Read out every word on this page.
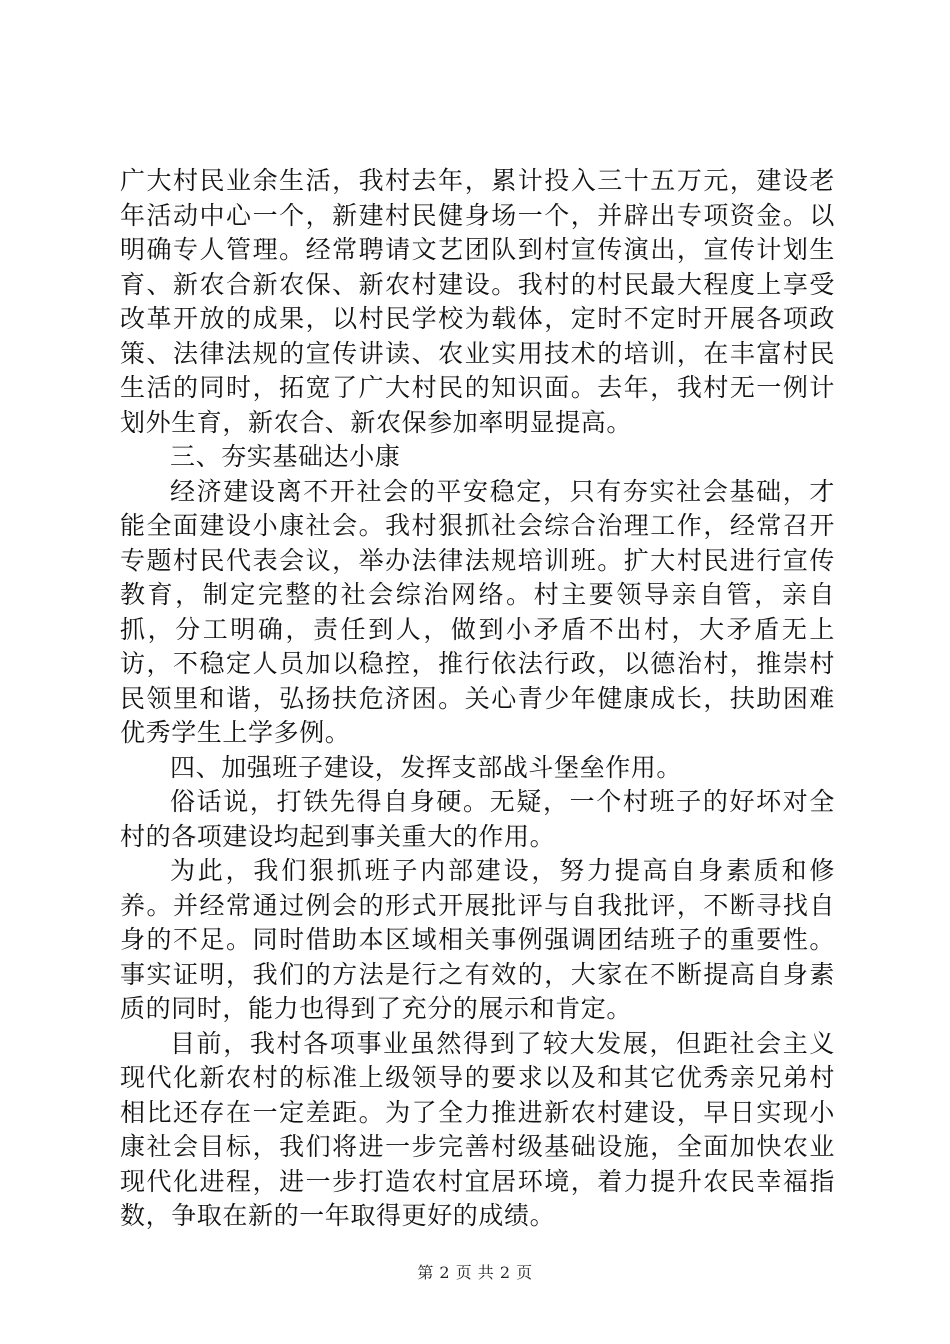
广大村民业余生活，我村去年，累计投入三十五万元，建设老年活动中心一个，新建村民健身场一个，并辟出专项资金。以明确专人管理。经常聘请文艺团队到村宣传演出，宣传计划生育、新农合新农保、新农村建设。我村的村民最大程度上享受改革开放的成果，以村民学校为载体，定时不定时开展各项政策、法律法规的宣传讲读、农业实用技术的培训，在丰富村民生活的同时，拓宽了广大村民的知识面。去年，我村无一例计划外生育，新农合、新农保参加率明显提高。

三、夯实基础达小康

经济建设离不开社会的平安稳定，只有夯实社会基础，才能全面建设小康社会。我村狠抓社会综合治理工作，经常召开专题村民代表会议，举办法律法规培训班。扩大村民进行宣传教育，制定完整的社会综治网络。村主要领导亲自管，亲自抓，分工明确，责任到人，做到小矛盾不出村，大矛盾无上访，不稳定人员加以稳控，推行依法行政，以德治村，推崇村民领里和谐，弘扬扶危济困。关心青少年健康成长，扶助困难优秀学生上学多例。

四、加强班子建设，发挥支部战斗堡垒作用。

俗话说，打铁先得自身硬。无疑，一个村班子的好坏对全村的各项建设均起到事关重大的作用。

为此，我们狠抓班子内部建设，努力提高自身素质和修养。并经常通过例会的形式开展批评与自我批评，不断寻找自身的不足。同时借助本区域相关事例强调团结班子的重要性。事实证明，我们的方法是行之有效的，大家在不断提高自身素质的同时，能力也得到了充分的展示和肯定。

目前，我村各项事业虽然得到了较大发展，但距社会主义现代化新农村的标准上级领导的要求以及和其它优秀亲兄弟村相比还存在一定差距。为了全力推进新农村建设，早日实现小康社会目标，我们将进一步完善村级基础设施，全面加快农业现代化进程，进一步打造农村宜居环境，着力提升农民幸福指数，争取在新的一年取得更好的成绩。

第 2 页 共 2 页
